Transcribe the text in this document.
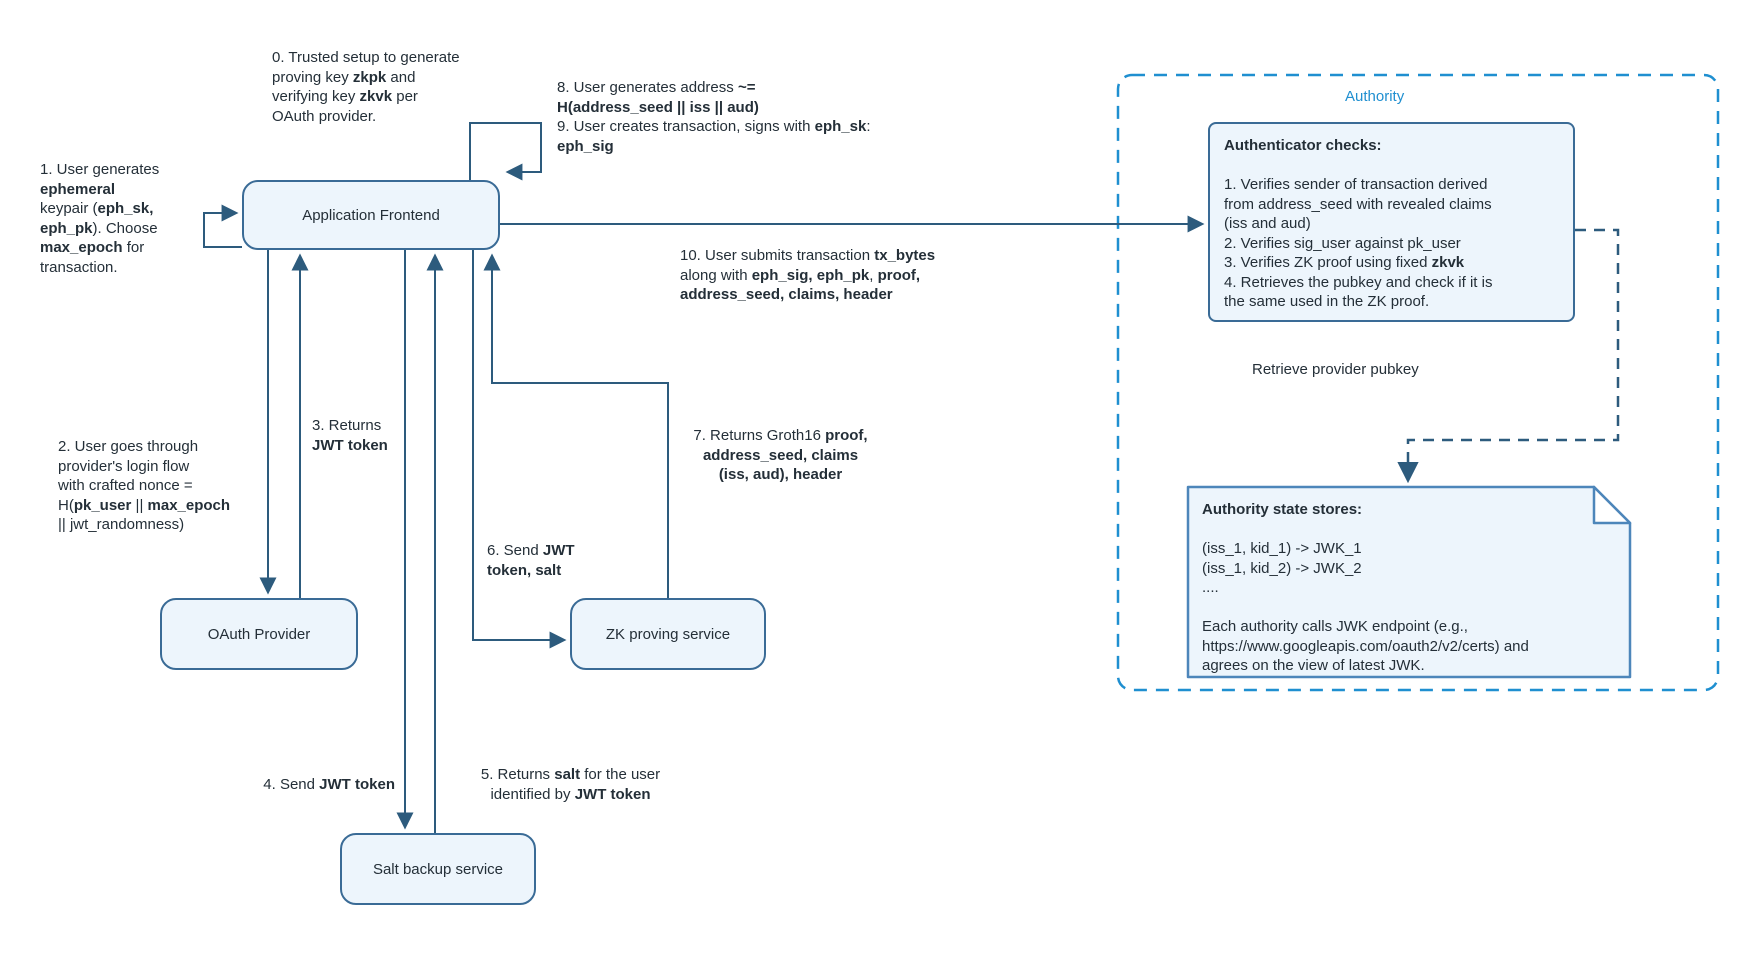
Application Frontend
OAuth Provider	ZK proving service
Salt backup service
Authority
Authenticator checks:

1. Verifies sender of transaction derived
from address_seed with revealed claims
(iss and aud)
2. Verifies sig_user against pk_user
3. Verifies ZK proof using fixed zkvk
4. Retrieves the pubkey and check if it is
the same used in the ZK proof.
Authority state stores:

(iss_1, kid_1) -> JWK_1
(iss_1, kid_2) -> JWK_2
....

Each authority calls JWK endpoint (e.g.,
https://www.googleapis.com/oauth2/v2/certs) and
agrees on the view of latest JWK.
Retrieve provider pubkey
0. Trusted setup to generate
proving key zkpk and
verifying key zkvk per
OAuth provider.
1. User generates
ephemeral
keypair (eph_sk,
eph_pk). Choose
max_epoch for
transaction.
8. User generates address ~=
H(address_seed || iss || aud)
9. User creates transaction, signs with eph_sk:
eph_sig
2. User goes through
provider's login flow
with crafted nonce =
H(pk_user || max_epoch
|| jwt_randomness)
3. Returns
JWT token
4. Send JWT token
5. Returns salt for the user
identified by JWT token
6. Send JWT
token, salt
7. Returns Groth16 proof,
address_seed, claims
(iss, aud), header
10. User submits transaction tx_bytes
along with eph_sig, eph_pk, proof,
address_seed, claims, header
